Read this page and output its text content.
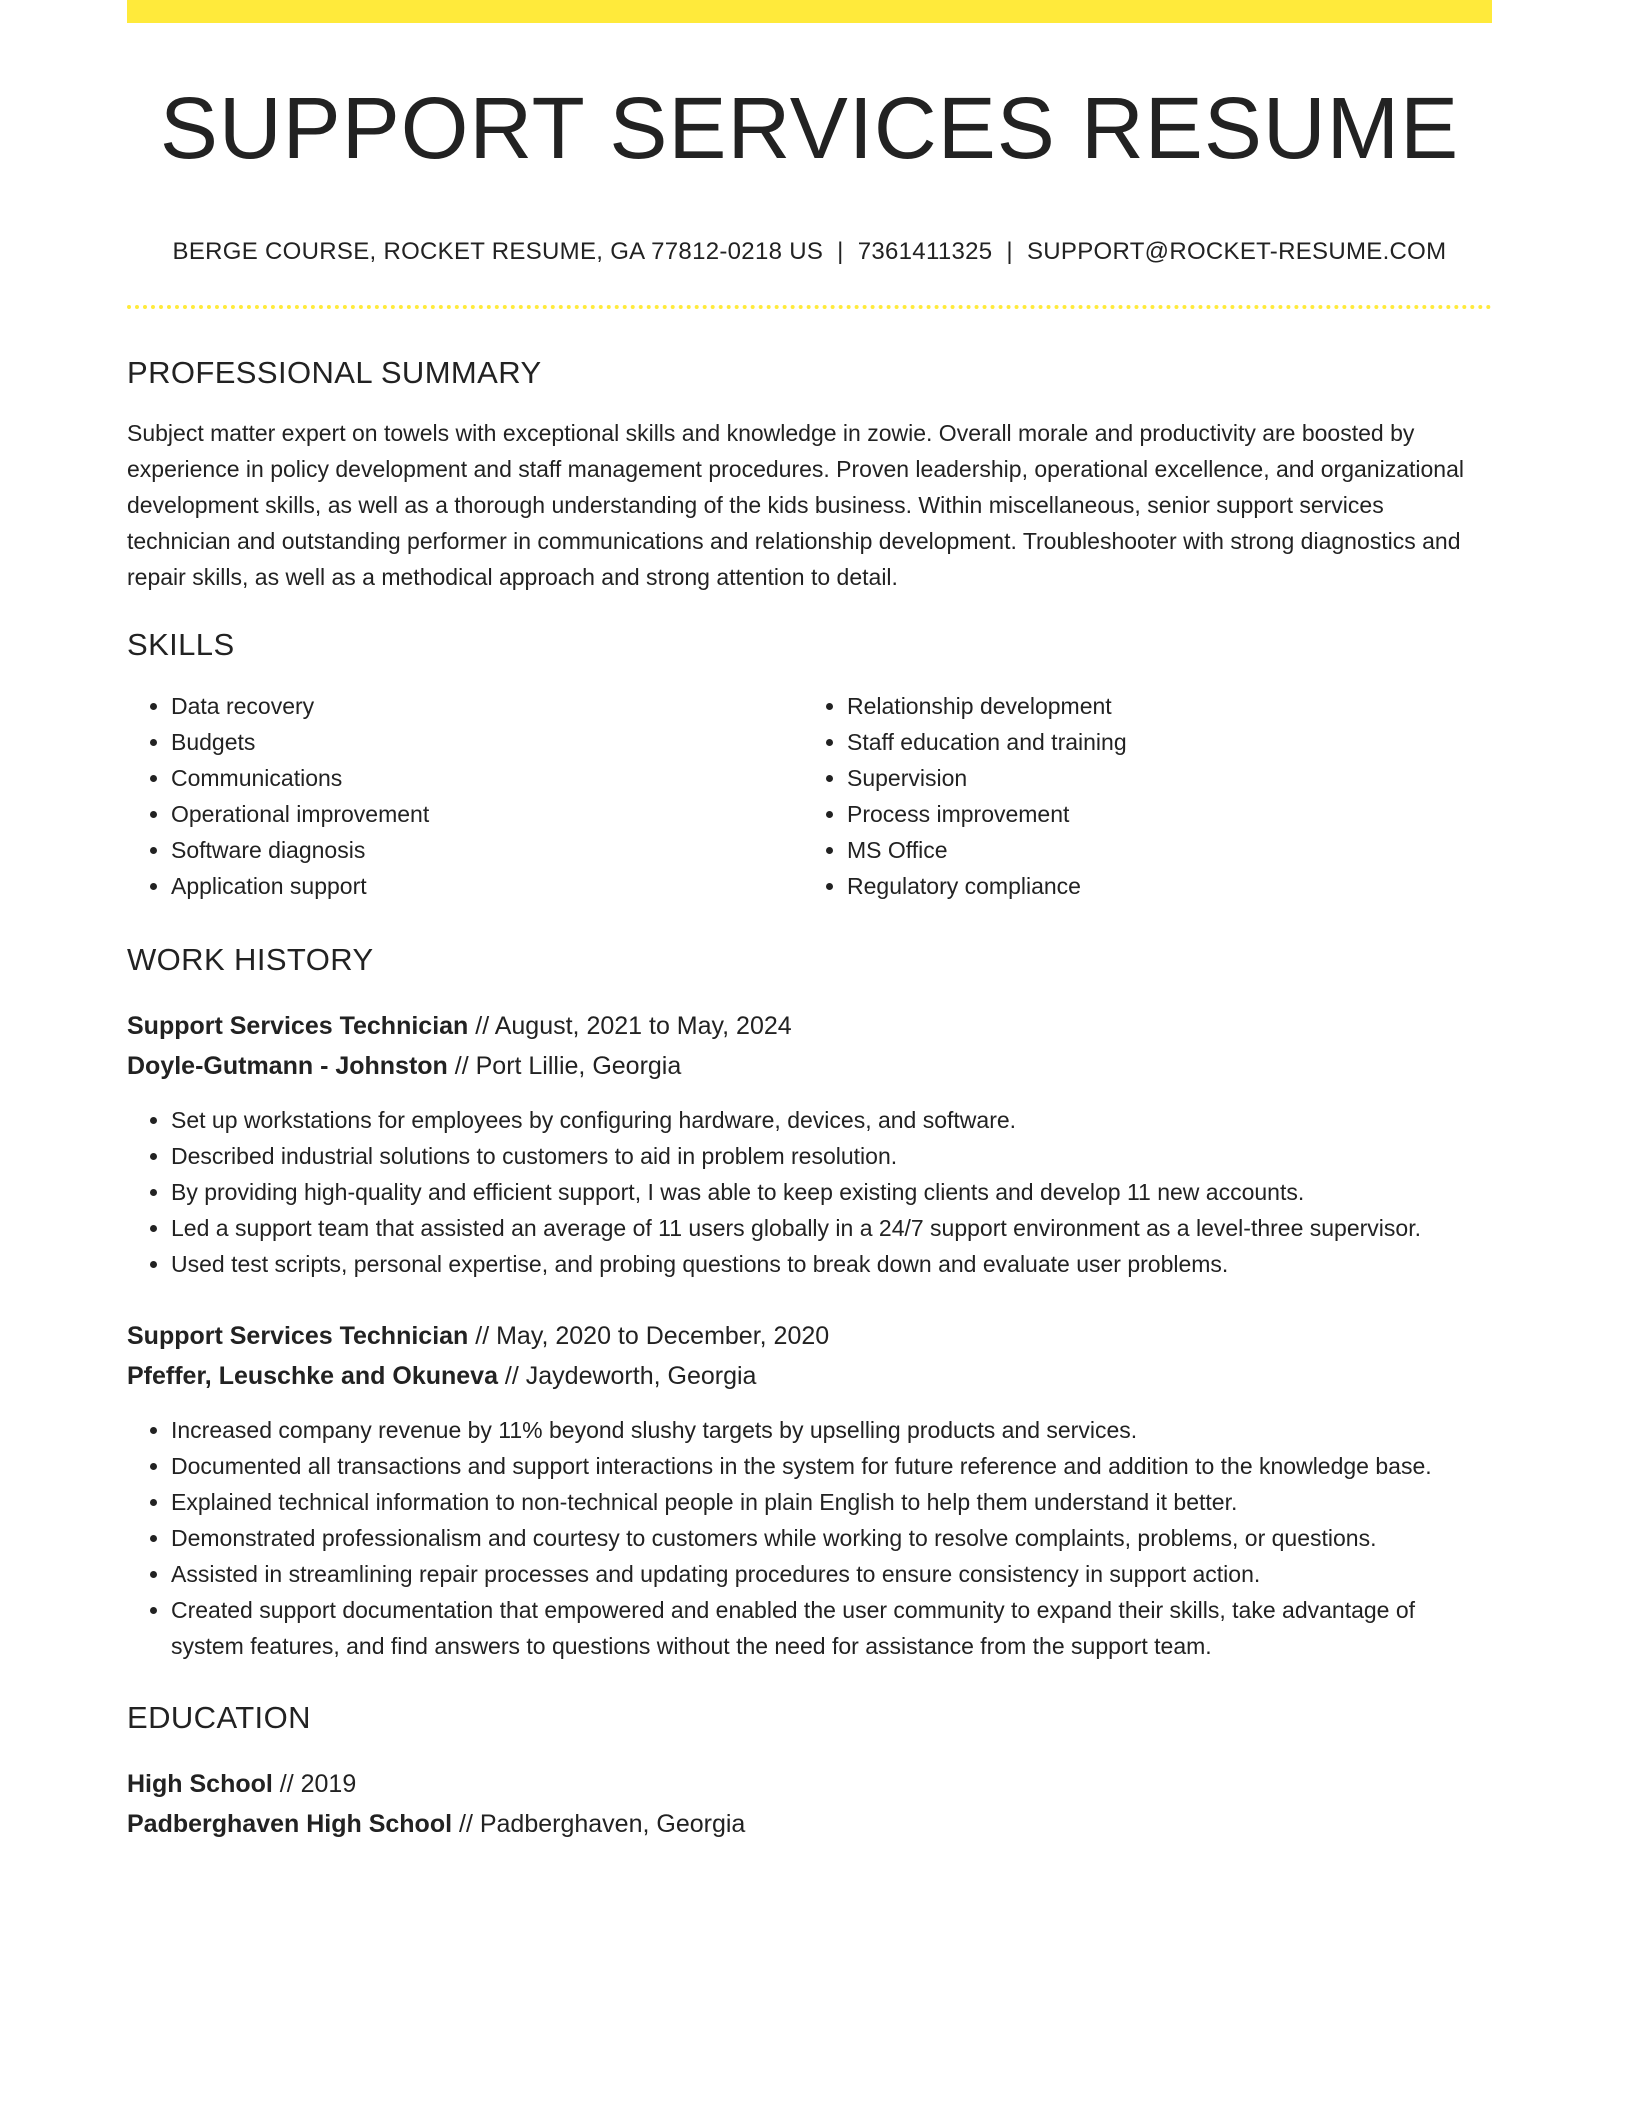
SUPPORT SERVICES RESUME
BERGE COURSE, ROCKET RESUME, GA 77812-0218 US | 7361411325 | SUPPORT@ROCKET-RESUME.COM
PROFESSIONAL SUMMARY
Subject matter expert on towels with exceptional skills and knowledge in zowie. Overall morale and productivity are boosted by experience in policy development and staff management procedures. Proven leadership, operational excellence, and organizational development skills, as well as a thorough understanding of the kids business. Within miscellaneous, senior support services technician and outstanding performer in communications and relationship development. Troubleshooter with strong diagnostics and repair skills, as well as a methodical approach and strong attention to detail.
SKILLS
• Data recovery
• Budgets
• Communications
• Operational improvement
• Software diagnosis
• Application support
• Relationship development
• Staff education and training
• Supervision
• Process improvement
• MS Office
• Regulatory compliance
WORK HISTORY
Support Services Technician // August, 2021 to May, 2024
Doyle-Gutmann - Johnston // Port Lillie, Georgia
• Set up workstations for employees by configuring hardware, devices, and software.
• Described industrial solutions to customers to aid in problem resolution.
• By providing high-quality and efficient support, I was able to keep existing clients and develop 11 new accounts.
• Led a support team that assisted an average of 11 users globally in a 24/7 support environment as a level-three supervisor.
• Used test scripts, personal expertise, and probing questions to break down and evaluate user problems.
Support Services Technician // May, 2020 to December, 2020
Pfeffer, Leuschke and Okuneva // Jaydeworth, Georgia
• Increased company revenue by 11% beyond slushy targets by upselling products and services.
• Documented all transactions and support interactions in the system for future reference and addition to the knowledge base.
• Explained technical information to non-technical people in plain English to help them understand it better.
• Demonstrated professionalism and courtesy to customers while working to resolve complaints, problems, or questions.
• Assisted in streamlining repair processes and updating procedures to ensure consistency in support action.
• Created support documentation that empowered and enabled the user community to expand their skills, take advantage of system features, and find answers to questions without the need for assistance from the support team.
EDUCATION
High School // 2019
Padberghaven High School // Padberghaven, Georgia
